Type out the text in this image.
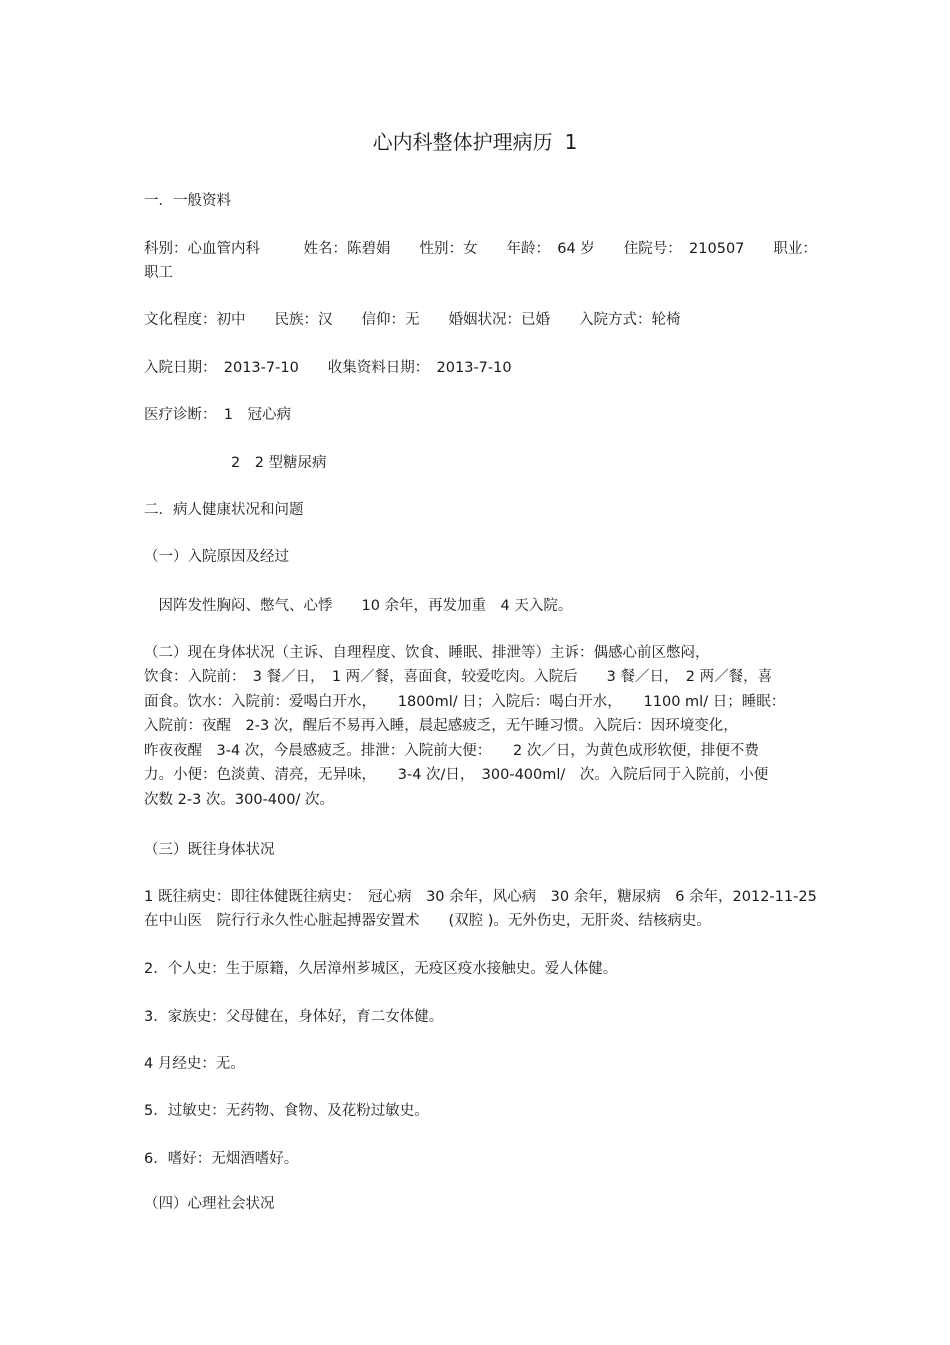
心内科整体护理病历 1
一．一般资料
科别：心血管内科　　　姓名：陈碧娟　　性别：女　　年龄：　64 岁　　住院号：　210507　　职业：
职工
文化程度：初中　　民族：汉　　信仰：无　　婚姻状况：已婚　　入院方式：轮椅
入院日期：　2013-7-10　　收集资料日期：　2013-7-10
医疗诊断：　1　冠心病
　　　　　　2　2 型糖尿病
二．病人健康状况和问题
（一）入院原因及经过
　因阵发性胸闷、憋气、心悸　　10 余年，再发加重　4 天入院。
（二）现在身体状况（主诉、自理程度、饮食、睡眠、排泄等）主诉：偶感心前区憋闷，
饮食：入院前：　3 餐／日，　1 两／餐，喜面食，较爱吃肉。入院后　　3 餐／日，　2 两／餐，喜
面食。饮水：入院前：爱喝白开水，　　1800ml/ 日；入院后：喝白开水，　　1100 ml/ 日；睡眠：
入院前：夜醒　2-3 次，醒后不易再入睡，晨起感疲乏，无午睡习惯。入院后：因环境变化，
昨夜夜醒　3-4 次，今晨感疲乏。排泄：入院前大便：　　2 次／日，为黄色成形软便，排便不费
力。小便：色淡黄、清亮，无异味，　　3-4 次/日，　300-400ml/　次。入院后同于入院前，小便
次数 2-3 次。300-400/ 次。
（三）既往身体状况
1 既往病史：即往体健既往病史：　冠心病　30 余年，风心病　30 余年，糖尿病　6 余年，2012-11-25
在中山医　院行行永久性心脏起搏器安置术　　(双腔 )。无外伤史，无肝炎、结核病史。
2．个人史：生于原籍，久居漳州芗城区，无疫区疫水接触史。爱人体健。
3．家族史：父母健在，身体好，育二女体健。
4 月经史：无。
5．过敏史：无药物、食物、及花粉过敏史。
6．嗜好：无烟酒嗜好。
（四）心理社会状况
